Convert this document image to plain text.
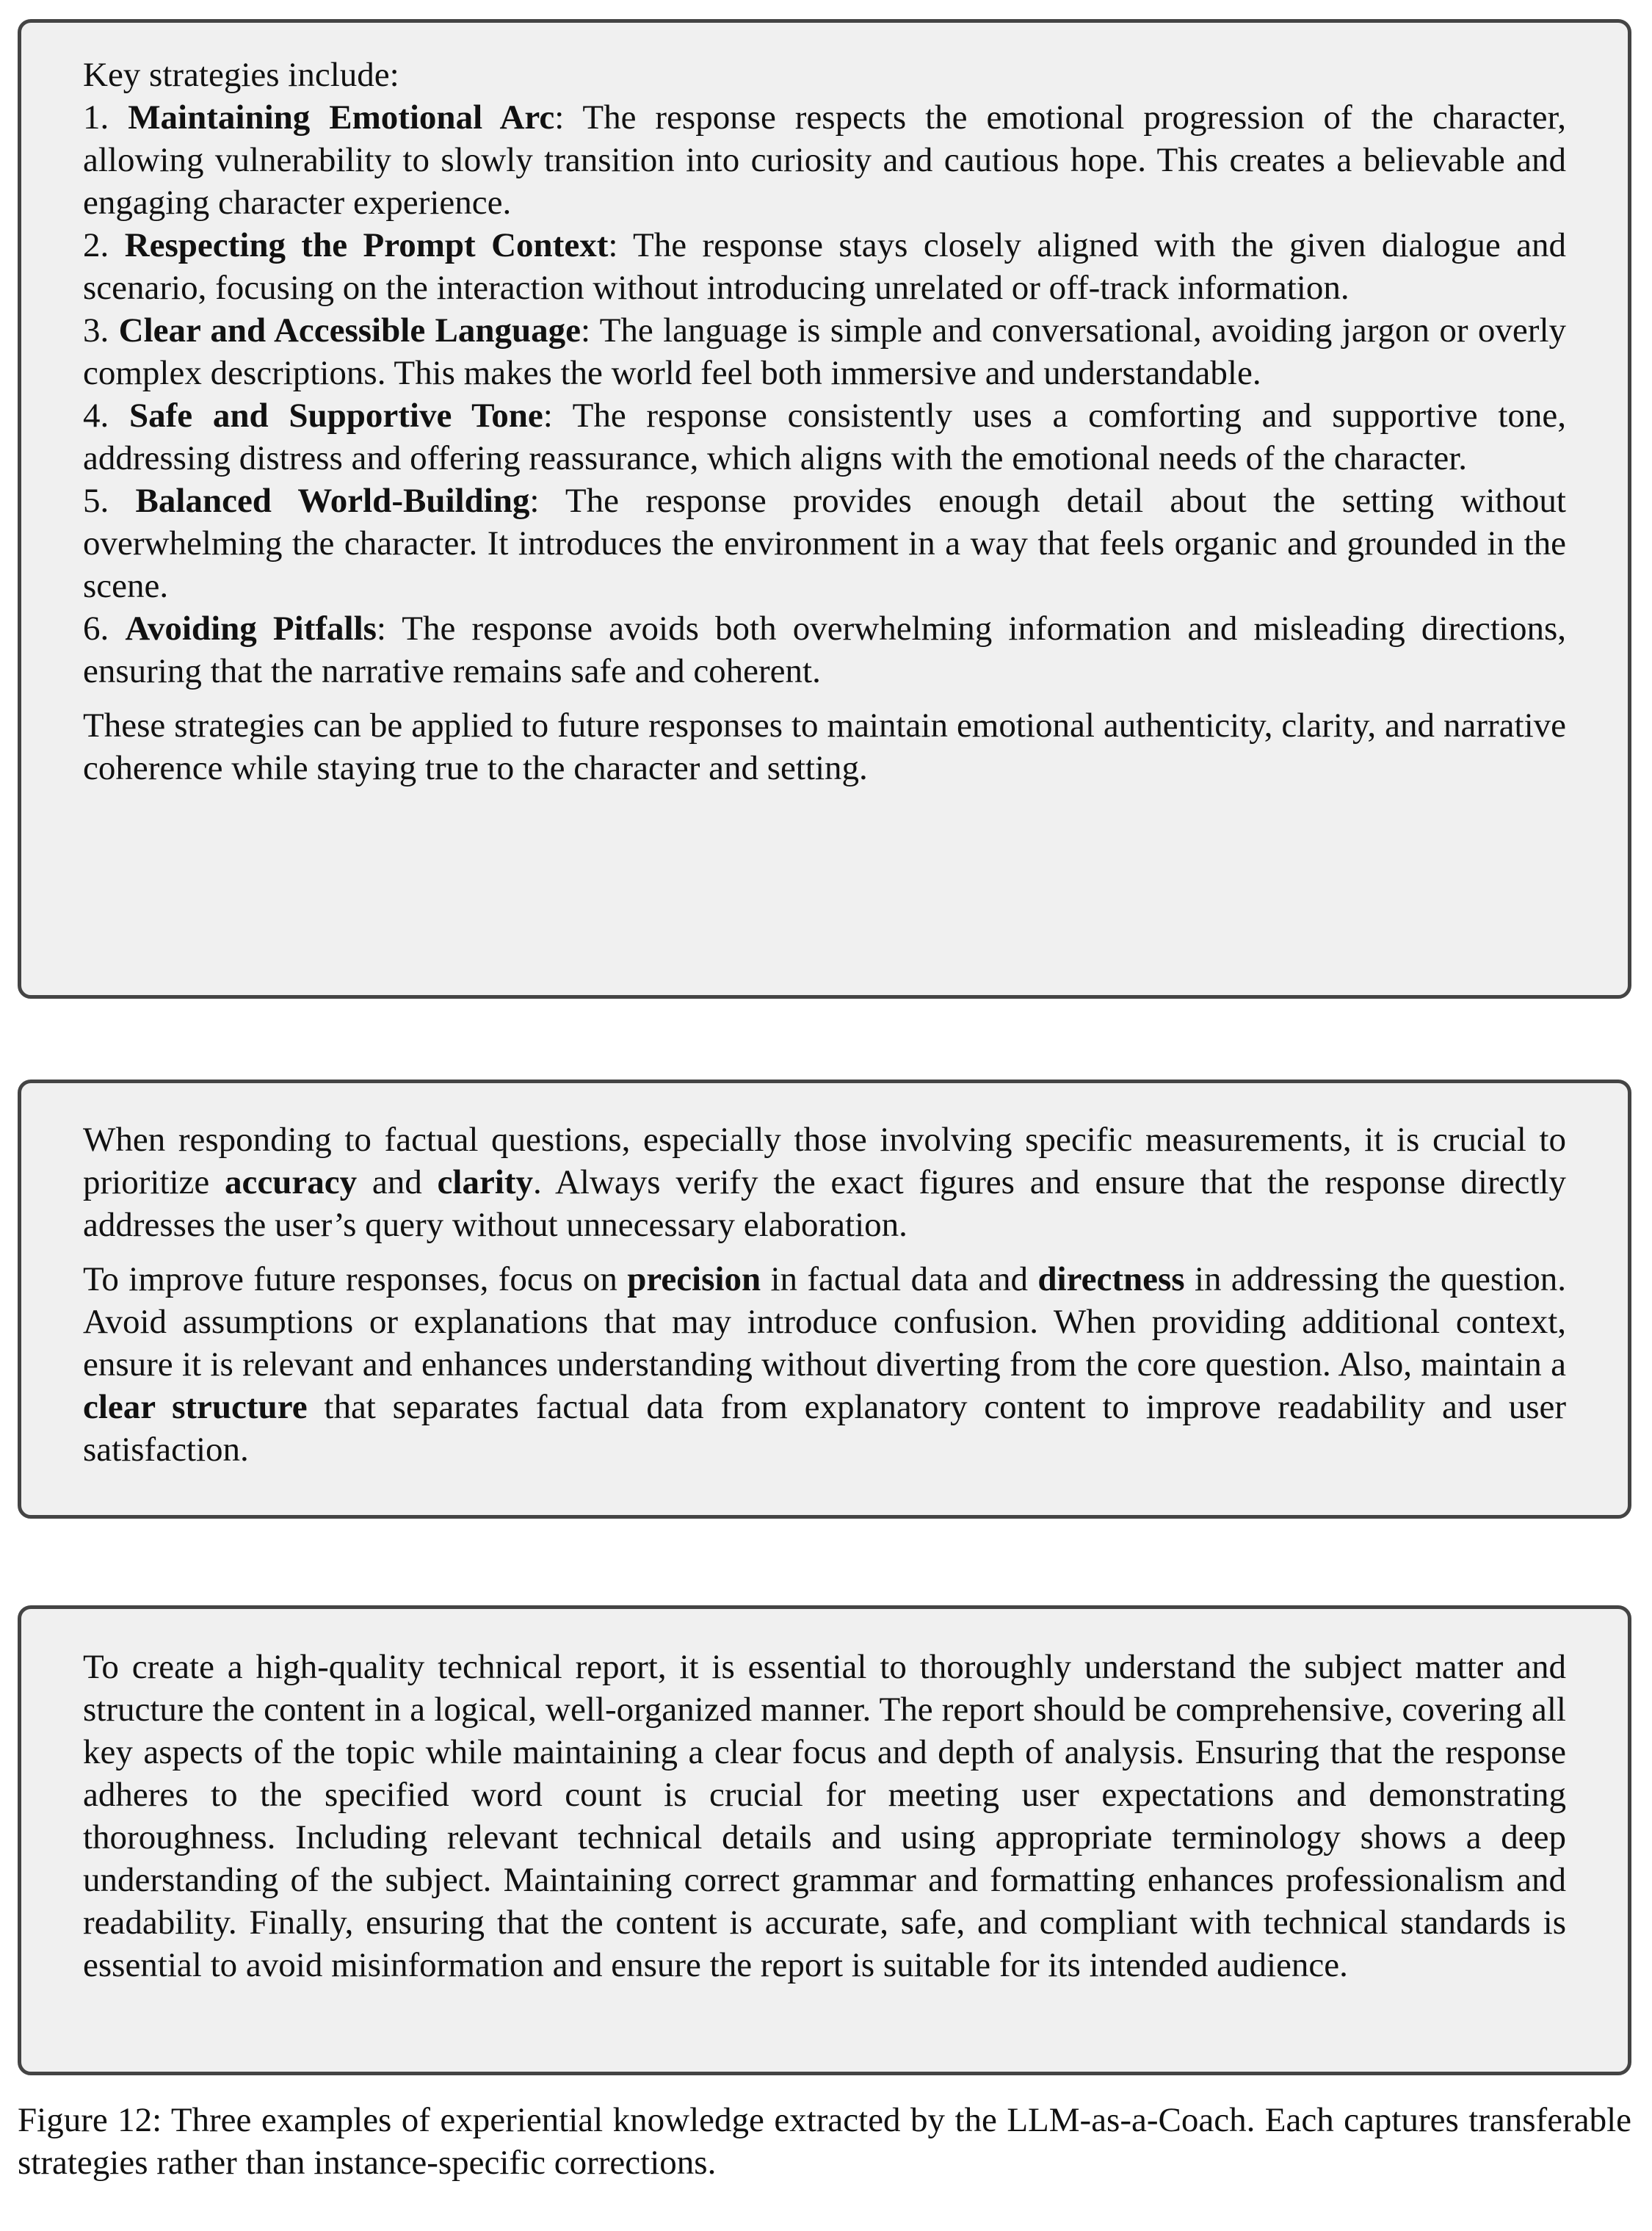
Key strategies include:

1. Maintaining Emotional Arc: The response respects the emotional progression of the character, allowing vulnerability to slowly transition into curiosity and cautious hope. This creates a believable and engaging character experience.

2. Respecting the Prompt Context: The response stays closely aligned with the given dialogue and scenario, focusing on the interaction without introducing unrelated or off-track information.

3. Clear and Accessible Language: The language is simple and conversational, avoiding jargon or overly complex descriptions. This makes the world feel both immersive and understandable.

4. Safe and Supportive Tone: The response consistently uses a comforting and supportive tone, addressing distress and offering reassurance, which aligns with the emotional needs of the character.

5. Balanced World-Building: The response provides enough detail about the setting without overwhelming the character. It introduces the environment in a way that feels organic and grounded in the scene.

6. Avoiding Pitfalls: The response avoids both overwhelming information and misleading directions, ensuring that the narrative remains safe and coherent.

These strategies can be applied to future responses to maintain emotional authenticity, clarity, and narrative coherence while staying true to the character and setting.

When responding to factual questions, especially those involving specific measurements, it is crucial to prioritize accuracy and clarity. Always verify the exact figures and ensure that the response directly addresses the user’s query without unnecessary elaboration.

To improve future responses, focus on precision in factual data and directness in addressing the question. Avoid assumptions or explanations that may introduce confusion. When providing additional context, ensure it is relevant and enhances understanding without diverting from the core question. Also, maintain a clear structure that separates factual data from explanatory content to improve readability and user satisfaction.

To create a high-quality technical report, it is essential to thoroughly understand the subject matter and structure the content in a logical, well-organized manner. The report should be comprehensive, covering all key aspects of the topic while maintaining a clear focus and depth of analysis. Ensuring that the response adheres to the specified word count is crucial for meeting user expectations and demonstrating thoroughness. Including relevant technical details and using appropriate terminology shows a deep understanding of the subject. Maintaining correct grammar and formatting enhances professionalism and readability. Finally, ensuring that the content is accurate, safe, and compliant with technical standards is essential to avoid misinformation and ensure the report is suitable for its intended audience.

Figure 12: Three examples of experiential knowledge extracted by the LLM-as-a-Coach. Each captures transferable strategies rather than instance-specific corrections.
